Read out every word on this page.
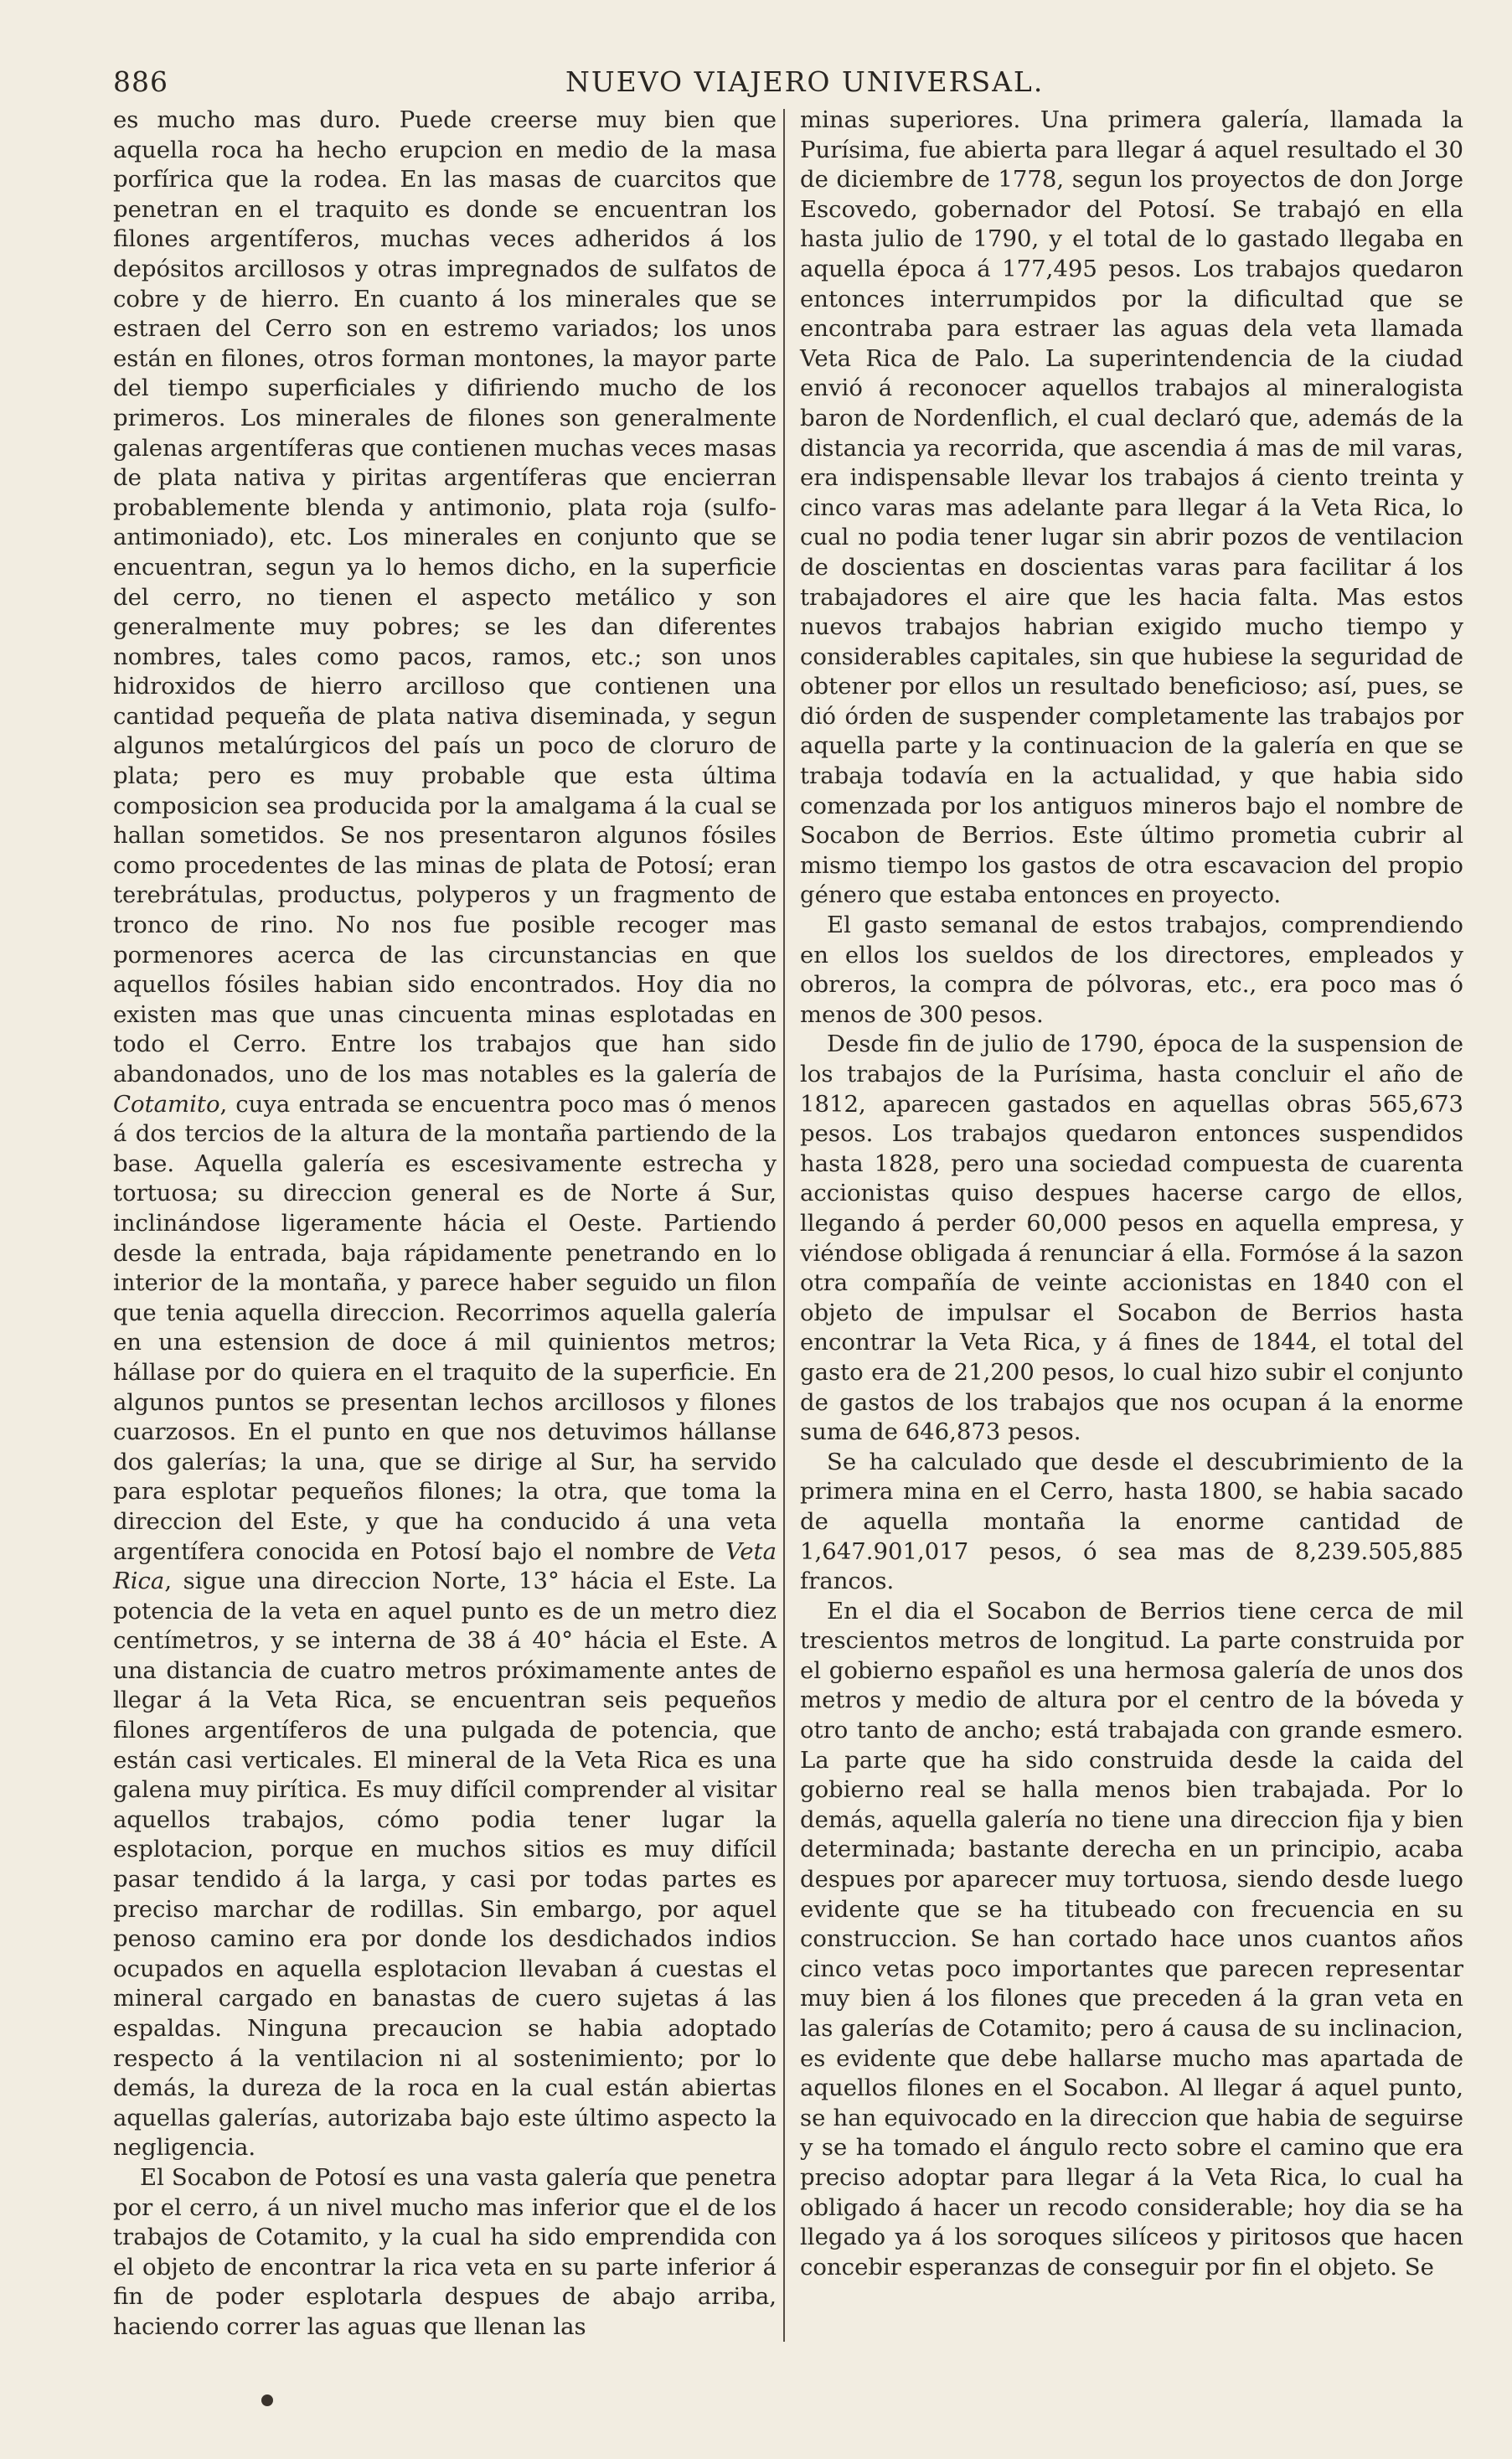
886	NUEVO VIAJERO UNIVERSAL.

es mucho mas duro. Puede creerse muy bien que aquella roca ha hecho erupcion en medio de la masa porfírica que la rodea. En las masas de cuarcitos que penetran en el traquito es donde se encuentran los filones argentíferos, muchas veces adheridos á los depósitos arcillosos y otras impregnados de sulfatos de cobre y de hierro. En cuanto á los minerales que se estraen del Cerro son en estremo variados; los unos están en filones, otros forman montones, la mayor parte del tiempo superficiales y difiriendo mucho de los primeros. Los minerales de filones son generalmente galenas argentíferas que contienen muchas veces masas de plata nativa y piritas argentíferas que encierran probablemente blenda y antimonio, plata roja (sulfo-antimoniado), etc. Los minerales en conjunto que se encuentran, segun ya lo hemos dicho, en la superficie del cerro, no tienen el aspecto metálico y son generalmente muy pobres; se les dan diferentes nombres, tales como pacos, ramos, etc.; son unos hidroxidos de hierro arcilloso que contienen una cantidad pequeña de plata nativa diseminada, y segun algunos metalúrgicos del país un poco de cloruro de plata; pero es muy probable que esta última composicion sea producida por la amalgama á la cual se hallan sometidos. Se nos presentaron algunos fósiles como procedentes de las minas de plata de Potosí; eran terebrátulas, productus, polyperos y un fragmento de tronco de rino. No nos fue posible recoger mas pormenores acerca de las circunstancias en que aquellos fósiles habian sido encontrados. Hoy dia no existen mas que unas cincuenta minas esplotadas en todo el Cerro. Entre los trabajos que han sido abandonados, uno de los mas notables es la galería de Cotamito, cuya entrada se encuentra poco mas ó menos á dos tercios de la altura de la montaña partiendo de la base. Aquella galería es escesivamente estrecha y tortuosa; su direccion general es de Norte á Sur, inclinándose ligeramente hácia el Oeste. Partiendo desde la entrada, baja rápidamente penetrando en lo interior de la montaña, y parece haber seguido un filon que tenia aquella direccion. Recorrimos aquella galería en una estension de doce á mil quinientos metros; hállase por do quiera en el traquito de la superficie. En algunos puntos se presentan lechos arcillosos y filones cuarzosos. En el punto en que nos detuvimos hállanse dos galerías; la una, que se dirige al Sur, ha servido para esplotar pequeños filones; la otra, que toma la direccion del Este, y que ha conducido á una veta argentífera conocida en Potosí bajo el nombre de Veta Rica, sigue una direccion Norte, 13° hácia el Este. La potencia de la veta en aquel punto es de un metro diez centímetros, y se interna de 38 á 40° hácia el Este. A una distancia de cuatro metros próximamente antes de llegar á la Veta Rica, se encuentran seis pequeños filones argentíferos de una pulgada de potencia, que están casi verticales. El mineral de la Veta Rica es una galena muy pirítica. Es muy difícil comprender al visitar aquellos trabajos, cómo podia tener lugar la esplotacion, porque en muchos sitios es muy difícil pasar tendido á la larga, y casi por todas partes es preciso marchar de rodillas. Sin embargo, por aquel penoso camino era por donde los desdichados indios ocupados en aquella esplotacion llevaban á cuestas el mineral cargado en banastas de cuero sujetas á las espaldas. Ninguna precaucion se habia adoptado respecto á la ventilacion ni al sostenimiento; por lo demás, la dureza de la roca en la cual están abiertas aquellas galerías, autorizaba bajo este último aspecto la negligencia.

El Socabon de Potosí es una vasta galería que penetra por el cerro, á un nivel mucho mas inferior que el de los trabajos de Cotamito, y la cual ha sido emprendida con el objeto de encontrar la rica veta en su parte inferior á fin de poder esplotarla despues de abajo arriba, haciendo correr las aguas que llenan las

minas superiores. Una primera galería, llamada la Purísima, fue abierta para llegar á aquel resultado el 30 de diciembre de 1778, segun los proyectos de don Jorge Escovedo, gobernador del Potosí. Se trabajó en ella hasta julio de 1790, y el total de lo gastado llegaba en aquella época á 177,495 pesos. Los trabajos quedaron entonces interrumpidos por la dificultad que se encontraba para estraer las aguas dela veta llamada Veta Rica de Palo. La superintendencia de la ciudad envió á reconocer aquellos trabajos al mineralogista baron de Nordenflich, el cual declaró que, además de la distancia ya recorrida, que ascendia á mas de mil varas, era indispensable llevar los trabajos á ciento treinta y cinco varas mas adelante para llegar á la Veta Rica, lo cual no podia tener lugar sin abrir pozos de ventilacion de doscientas en doscientas varas para facilitar á los trabajadores el aire que les hacia falta. Mas estos nuevos trabajos habrian exigido mucho tiempo y considerables capitales, sin que hubiese la seguridad de obtener por ellos un resultado beneficioso; así, pues, se dió órden de suspender completamente las trabajos por aquella parte y la continuacion de la galería en que se trabaja todavía en la actualidad, y que habia sido comenzada por los antiguos mineros bajo el nombre de Socabon de Berrios. Este último prometia cubrir al mismo tiempo los gastos de otra escavacion del propio género que estaba entonces en proyecto.

El gasto semanal de estos trabajos, comprendiendo en ellos los sueldos de los directores, empleados y obreros, la compra de pólvoras, etc., era poco mas ó menos de 300 pesos.

Desde fin de julio de 1790, época de la suspension de los trabajos de la Purísima, hasta concluir el año de 1812, aparecen gastados en aquellas obras 565,673 pesos. Los trabajos quedaron entonces suspendidos hasta 1828, pero una sociedad compuesta de cuarenta accionistas quiso despues hacerse cargo de ellos, llegando á perder 60,000 pesos en aquella empresa, y viéndose obligada á renunciar á ella. Formóse á la sazon otra compañía de veinte accionistas en 1840 con el objeto de impulsar el Socabon de Berrios hasta encontrar la Veta Rica, y á fines de 1844, el total del gasto era de 21,200 pesos, lo cual hizo subir el conjunto de gastos de los trabajos que nos ocupan á la enorme suma de 646,873 pesos.

Se ha calculado que desde el descubrimiento de la primera mina en el Cerro, hasta 1800, se habia sacado de aquella montaña la enorme cantidad de 1,647.901,017 pesos, ó sea mas de 8,239.505,885 francos.

En el dia el Socabon de Berrios tiene cerca de mil trescientos metros de longitud. La parte construida por el gobierno español es una hermosa galería de unos dos metros y medio de altura por el centro de la bóveda y otro tanto de ancho; está trabajada con grande esmero. La parte que ha sido construida desde la caida del gobierno real se halla menos bien trabajada. Por lo demás, aquella galería no tiene una direccion fija y bien determinada; bastante derecha en un principio, acaba despues por aparecer muy tortuosa, siendo desde luego evidente que se ha titubeado con frecuencia en su construccion. Se han cortado hace unos cuantos años cinco vetas poco importantes que parecen representar muy bien á los filones que preceden á la gran veta en las galerías de Cotamito; pero á causa de su inclinacion, es evidente que debe hallarse mucho mas apartada de aquellos filones en el Socabon. Al llegar á aquel punto, se han equivocado en la direccion que habia de seguirse y se ha tomado el ángulo recto sobre el camino que era preciso adoptar para llegar á la Veta Rica, lo cual ha obligado á hacer un recodo considerable; hoy dia se ha llegado ya á los soroques silíceos y piritosos que hacen concebir esperanzas de conseguir por fin el objeto. Se
